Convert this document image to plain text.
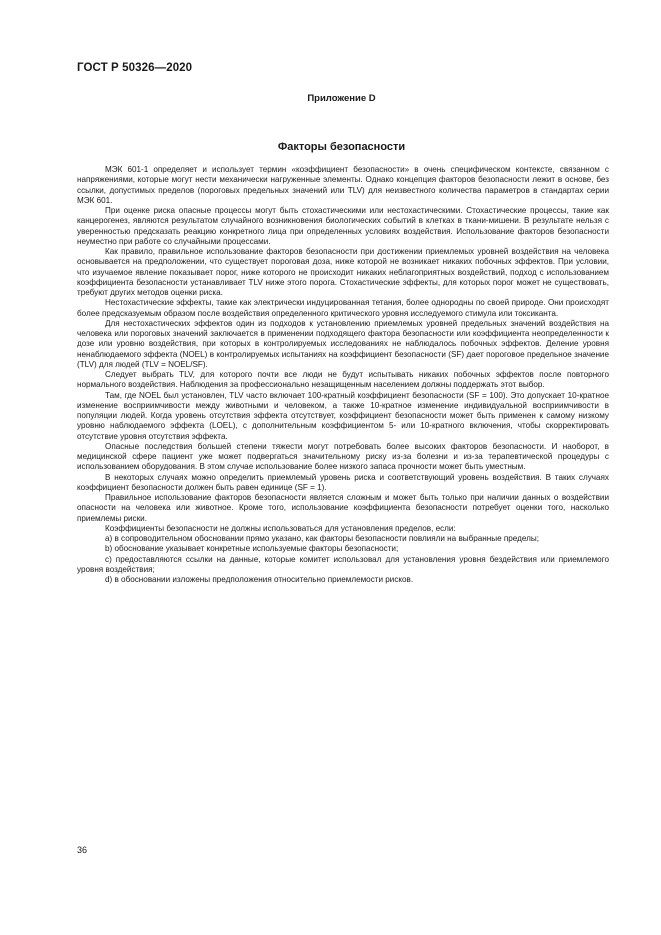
ГОСТ Р 50326—2020
Приложение D
Факторы безопасности

МЭК 601-1 определяет и использует термин «коэффициент безопасности» в очень специфическом контексте, связанном с напряжениями, которые могут нести механически нагруженные элементы. Однако концепция факторов безопасности лежит в основе, без ссылки, допустимых пределов (пороговых предельных значений или TLV) для неизвестного количества параметров в стандартах серии МЭК 601.

При оценке риска опасные процессы могут быть стохастическими или нестохастическими. Стохастические процессы, такие как канцерогенез, являются результатом случайного возникновения биологических событий в клетках в ткани-мишени. В результате нельзя с уверенностью предсказать реакцию конкретного лица при определенных условиях воздействия. Использование факторов безопасности неуместно при работе со случайными процессами.

Как правило, правильное использование факторов безопасности при достижении приемлемых уровней воздействия на человека основывается на предположении, что существует пороговая доза, ниже которой не возникает никаких побочных эффектов. При условии, что изучаемое явление показывает порог, ниже которого не происходит никаких неблагоприятных воздействий, подход с использованием коэффициента безопасности устанавливает TLV ниже этого порога. Стохастические эффекты, для которых порог может не существовать, требуют других методов оценки риска.

Нестохастические эффекты, такие как электрически индуцированная тетания, более однородны по своей природе. Они происходят более предсказуемым образом после воздействия определенного критического уровня исследуемого стимула или токсиканта.

Для нестохастических эффектов один из подходов к установлению приемлемых уровней предельных значений воздействия на человека или пороговых значений заключается в применении подходящего фактора безопасности или коэффициента неопределенности к дозе или уровню воздействия, при которых в контролируемых исследованиях не наблюдалось побочных эффектов. Деление уровня ненаблюдаемого эффекта (NOEL) в контролируемых испытаниях на коэффициент безопасности (SF) дает пороговое предельное значение (TLV) для людей (TLV = NOEL/SF).

Следует выбрать TLV, для которого почти все люди не будут испытывать никаких побочных эффектов после повторного нормального воздействия. Наблюдения за профессионально незащищенным населением должны поддержать этот выбор.

Там, где NOEL был установлен, TLV часто включает 100-кратный коэффициент безопасности (SF = 100). Это допускает 10-кратное изменение восприимчивости между животными и человеком, а также 10-кратное изменение индивидуальной восприимчивости в популяции людей. Когда уровень отсутствия эффекта отсутствует, коэффициент безопасности может быть применен к самому низкому уровню наблюдаемого эффекта (LOEL), с дополнительным коэффициентом 5- или 10-кратного включения, чтобы скорректировать отсутствие уровня отсутствия эффекта.

Опасные последствия большей степени тяжести могут потребовать более высоких факторов безопасности. И наоборот, в медицинской сфере пациент уже может подвергаться значительному риску из-за болезни и из-за терапевтической процедуры с использованием оборудования. В этом случае использование более низкого запаса прочности может быть уместным.

В некоторых случаях можно определить приемлемый уровень риска и соответствующий уровень воздействия. В таких случаях коэффициент безопасности должен быть равен единице (SF = 1).

Правильное использование факторов безопасности является сложным и может быть только при наличии данных о воздействии опасности на человека или животное. Кроме того, использование коэффициента безопасности потребует оценки того, насколько приемлемы риски.

Коэффициенты безопасности не должны использоваться для установления пределов, если:

а) в сопроводительном обосновании прямо указано, как факторы безопасности повлияли на выбранные пределы;

b) обоснование указывает конкретные используемые факторы безопасности;

c) предоставляются ссылки на данные, которые комитет использовал для установления уровня бездействия или приемлемого уровня воздействия;

d) в обосновании изложены предположения относительно приемлемости рисков.

36
